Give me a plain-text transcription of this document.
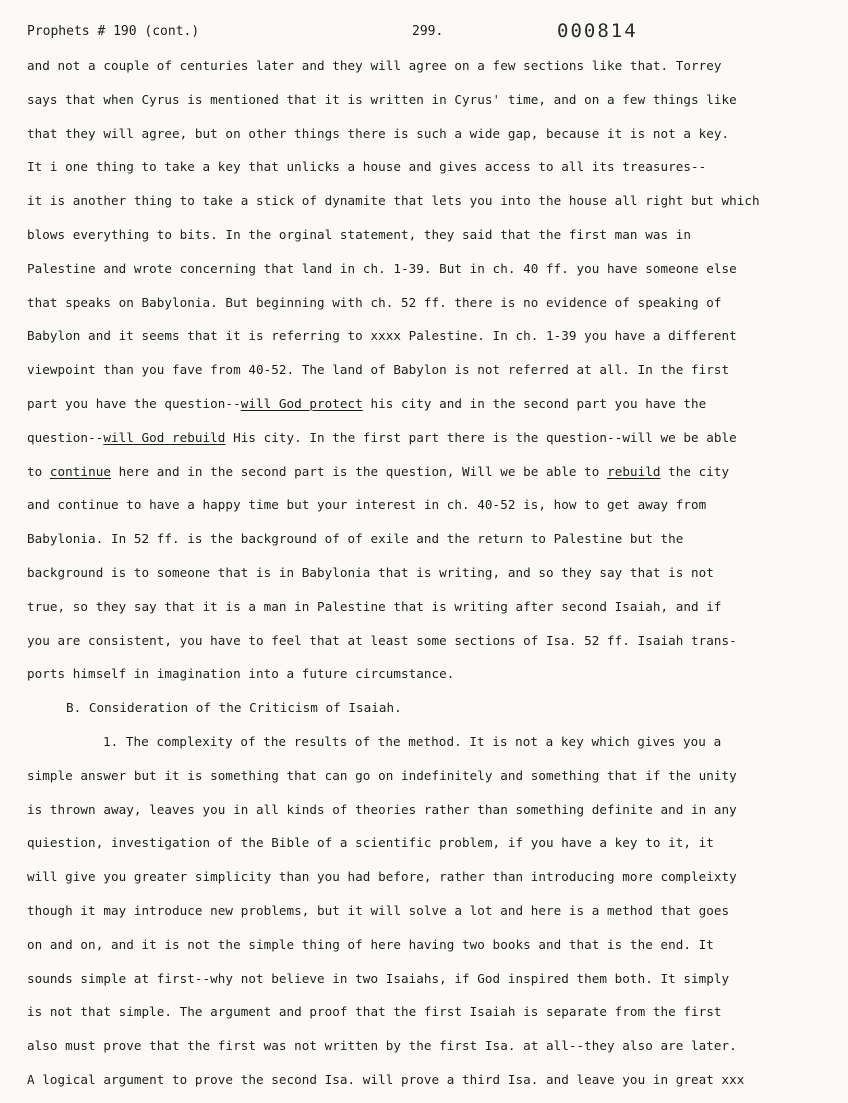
Prophets # 190 (cont.)	299.	000814
and not a couple of centuries later and they will agree on a few sections like that. Torrey
says that when Cyrus is mentioned that it is written in Cyrus' time, and on a few things like
that they will agree, but on other things there is such a wide gap, because it is not a key.
It i one thing to take a key that unlicks a house and gives access to all its treasures--
it is another thing to take a stick of dynamite that lets you into the house all right but which
blows everything to bits. In the orginal statement, they said that the first man was in
Palestine and wrote concerning that land in ch. 1-39. But in ch. 40 ff. you have someone else
that speaks on Babylonia. But beginning with ch. 52 ff. there is no evidence of speaking of
Babylon and it seems that it is referring to xxxx Palestine. In ch. 1-39 you have a different
viewpoint than you fave from 40-52. The land of Babylon is not referred at all. In the first
part you have the question--will God protect his city and in the second part you have the
question--will God rebuild His city. In the first part there is the question--will we be able
to continue here and in the second part is the question, Will we be able to rebuild the city
and continue to have a happy time but your interest in ch. 40-52 is, how to get away from
Babylonia. In 52 ff. is the background of of exile and the return to Palestine but the
background is to someone that is in Babylonia that is writing, and so they say that is not
true, so they say that it is a man in Palestine that is writing after second Isaiah, and if
you are consistent, you have to feel that at least some sections of Isa. 52 ff. Isaiah trans-
ports himself in imagination into a future circumstance.
B. Consideration of the Criticism of Isaiah.
1. The complexity of the results of the method. It is not a key which gives you a
simple answer but it is something that can go on indefinitely and something that if the unity
is thrown away, leaves you in all kinds of theories rather than something definite and in any
quiestion, investigation of the Bible of a scientific problem, if you have a key to it, it
will give you greater simplicity than you had before, rather than introducing more compleixty
though it may introduce new problems, but it will solve a lot and here is a method that goes
on and on, and it is not the simple thing of here having two books and that is the end. It
sounds simple at first--why not believe in two Isaiahs, if God inspired them both. It simply
is not that simple. The argument and proof that the first Isaiah is separate from the first
also must prove that the first was not written by the first Isa. at all--they also are later.
A logical argument to prove the second Isa. will prove a third Isa. and leave you in great xxx
